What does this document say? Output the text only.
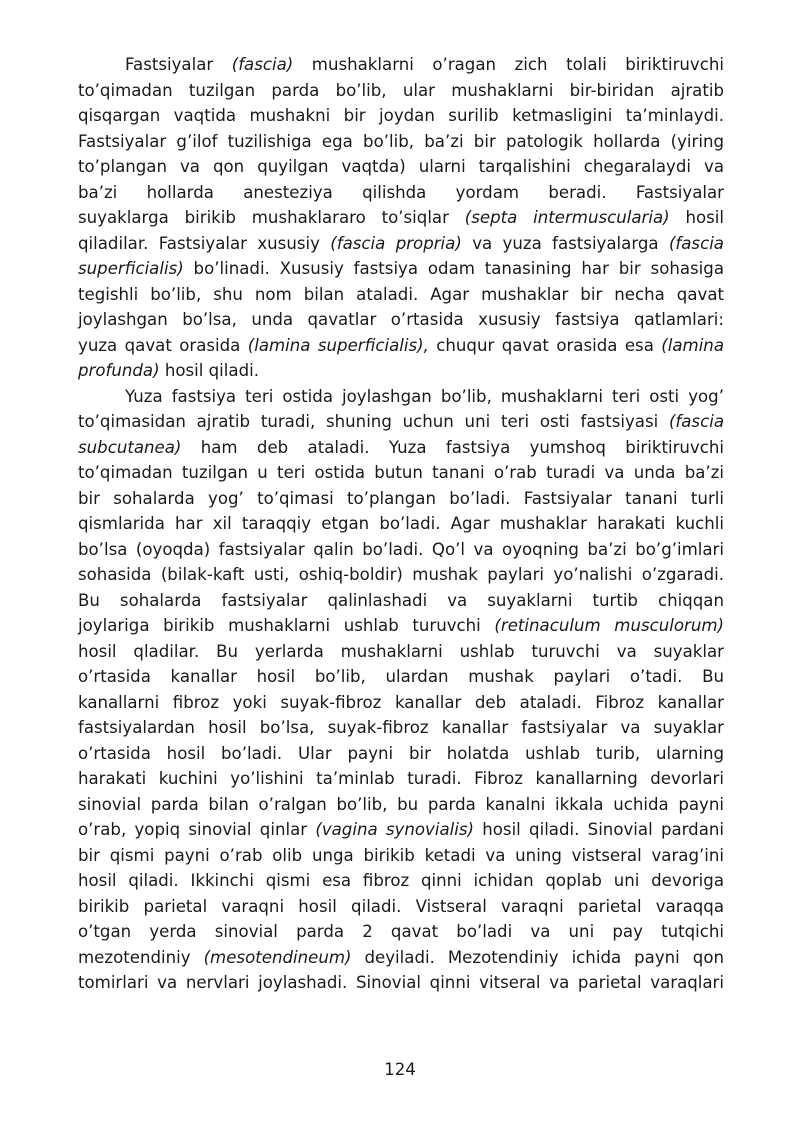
Fastsiyalar (fascia) mushaklarni o’ragan zich tolali biriktiruvchi
to’qimadan tuzilgan parda bo’lib, ular mushaklarni bir-biridan ajratib
qisqargan vaqtida mushakni bir joydan surilib ketmasligini ta’minlaydi.
Fastsiyalar g’ilof tuzilishiga ega bo’lib, ba’zi bir patologik hollarda (yiring
to’plangan va qon quyilgan vaqtda) ularni tarqalishini chegaralaydi va
ba’zi hollarda anesteziya qilishda yordam beradi. Fastsiyalar
suyaklarga birikib mushaklararo to’siqlar (septa intermuscularia) hosil
qiladilar. Fastsiyalar xususiy (fascia propria) va yuza fastsiyalarga (fascia
superficialis) bo’linadi. Xususiy fastsiya odam tanasining har bir sohasiga
tegishli bo’lib, shu nom bilan ataladi. Agar mushaklar bir necha qavat
joylashgan bo’lsa, unda qavatlar o’rtasida xususiy fastsiya qatlamlari:
yuza qavat orasida (lamina superficialis), chuqur qavat orasida esa (lamina
profunda) hosil qiladi.
Yuza fastsiya teri ostida joylashgan bo’lib, mushaklarni teri osti yog’
to’qimasidan ajratib turadi, shuning uchun uni teri osti fastsiyasi (fascia
subcutanea) ham deb ataladi. Yuza fastsiya yumshoq biriktiruvchi
to’qimadan tuzilgan u teri ostida butun tanani o’rab turadi va unda ba’zi
bir sohalarda yog’ to’qimasi to’plangan bo’ladi. Fastsiyalar tanani turli
qismlarida har xil taraqqiy etgan bo’ladi. Agar mushaklar harakati kuchli
bo’lsa (oyoqda) fastsiyalar qalin bo’ladi. Qo’l va oyoqning ba’zi bo’g’imlari
sohasida (bilak-kaft usti, oshiq-boldir) mushak paylari yo’nalishi o’zgaradi.
Bu sohalarda fastsiyalar qalinlashadi va suyaklarni turtib chiqqan
joylariga birikib mushaklarni ushlab turuvchi (retinaculum musculorum)
hosil qladilar. Bu yerlarda mushaklarni ushlab turuvchi va suyaklar
o’rtasida kanallar hosil bo’lib, ulardan mushak paylari o’tadi. Bu
kanallarni fibroz yoki suyak-fibroz kanallar deb ataladi. Fibroz kanallar
fastsiyalardan hosil bo’lsa, suyak-fibroz kanallar fastsiyalar va suyaklar
o’rtasida hosil bo’ladi. Ular payni bir holatda ushlab turib, ularning
harakati kuchini yo’lishini ta’minlab turadi. Fibroz kanallarning devorlari
sinovial parda bilan o’ralgan bo’lib, bu parda kanalni ikkala uchida payni
o’rab, yopiq sinovial qinlar (vagina synovialis) hosil qiladi. Sinovial pardani
bir qismi payni o’rab olib unga birikib ketadi va uning vistseral varag’ini
hosil qiladi. Ikkinchi qismi esa fibroz qinni ichidan qoplab uni devoriga
birikib parietal varaqni hosil qiladi. Vistseral varaqni parietal varaqqa
o’tgan yerda sinovial parda 2 qavat bo’ladi va uni pay tutqichi
mezotendiniy (mesotendineum) deyiladi. Mezotendiniy ichida payni qon
tomirlari va nervlari joylashadi. Sinovial qinni vitseral va parietal varaqlari
124
